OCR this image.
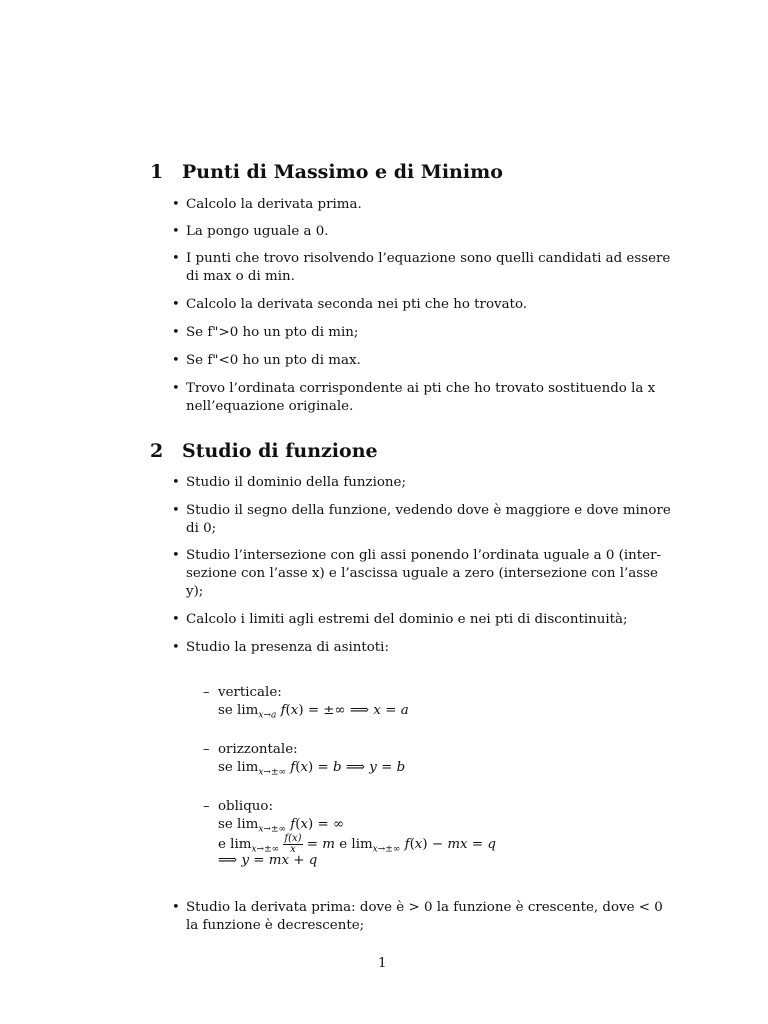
1 Punti di Massimo e di Minimo
• Calcolo la derivata prima.
• La pongo uguale a 0.
• I punti che trovo risolvendo l’equazione sono quelli candidati ad essere
di max o di min.
• Calcolo la derivata seconda nei pti che ho trovato.
• Se f">0 ho un pto di min;
• Se f"<0 ho un pto di max.
• Trovo l’ordinata corrispondente ai pti che ho trovato sostituendo la x
nell’equazione originale.
2 Studio di funzione
• Studio il dominio della funzione;
• Studio il segno della funzione, vedendo dove è maggiore e dove minore
di 0;
• Studio l’intersezione con gli assi ponendo l’ordinata uguale a 0 (inter-
sezione con l’asse x) e l’ascissa uguale a zero (intersezione con l’asse
y);
• Calcolo i limiti agli estremi del dominio e nei pti di discontinuità;
• Studio la presenza di asintoti:
– verticale:
se $\lim_{x\to a} f(x)$ = ±∞ ⟹ x = a
– orizzontale:
se $\lim_{x\to\pm\infty} f(x) = b$ ⟹ y = b
– obliquo:
se $\lim_{x\to\pm\infty} f(x)$ = ∞
e $\lim_{x\to\pm\infty} \frac{f(x)}{x} = m$ e $\lim_{x\to\pm\infty} f(x)$ − mx = q
⟹ y = mx + q
• Studio la derivata prima: dove è > 0 la funzione è crescente, dove < 0
la funzione è decrescente;
1
